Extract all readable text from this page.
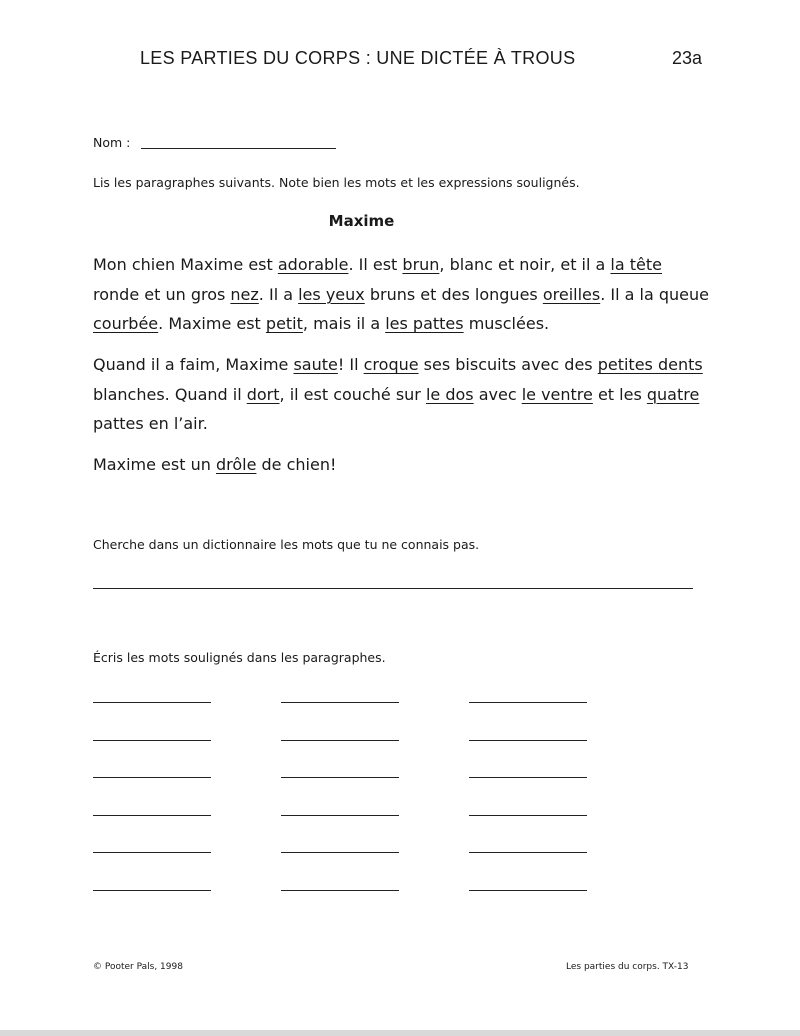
LES PARTIES DU CORPS : UNE DICTÉE À TROUS	23a
Nom :
Lis les paragraphes suivants. Note bien les mots et les expressions soulignés.
Maxime
Mon chien Maxime est adorable. Il est brun, blanc et noir, et il a la tête ronde et un gros nez. Il a les yeux bruns et des longues oreilles. Il a la queue courbée. Maxime est petit, mais il a les pattes musclées.
Quand il a faim, Maxime saute! Il croque ses biscuits avec des petites dents blanches. Quand il dort, il est couché sur le dos avec le ventre et les quatre pattes en l’air.
Maxime est un drôle de chien!
Cherche dans un dictionnaire les mots que tu ne connais pas.
Écris les mots soulignés dans les paragraphes.
© Pooter Pals, 1998	Les parties du corps. TX-13
